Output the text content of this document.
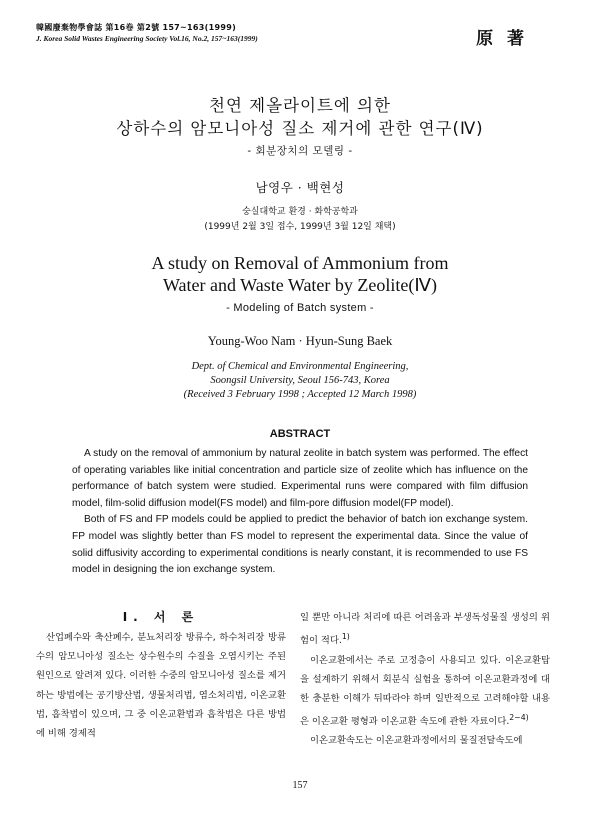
韓國廢棄物學會誌 第16卷 第2號 157~163(1999)
J. Korea Solid Wastes Engineering Society Vol.16, No.2, 157~163(1999)	原 著
천연 제올라이트에 의한
상하수의 암모니아성 질소 제거에 관한 연구(Ⅳ)
- 회분장치의 모델링 -
남영우 · 백현성
숭실대학교 환경 · 화학공학과
(1999년 2월 3일 접수, 1999년 3월 12일 채택)
A study on Removal of Ammonium from
Water and Waste Water by Zeolite(Ⅳ)
- Modeling of Batch system -
Young-Woo Nam · Hyun-Sung Baek
Dept. of Chemical and Environmental Engineering,
Soongsil University, Seoul 156-743, Korea
(Received 3 February 1998 ; Accepted 12 March 1998)
ABSTRACT

A study on the removal of ammonium by natural zeolite in batch system was performed. The effect of operating variables like initial concentration and particle size of zeolite which has influence on the performance of batch system were studied. Experimental runs were compared with film diffusion model, film-solid diffusion model(FS model) and film-pore diffusion model(FP model).

Both of FS and FP models could be applied to predict the behavior of batch ion exchange system. FP model was slightly better than FS model to represent the experimental data. Since the value of solid diffusivity according to experimental conditions is nearly constant, it is recommended to use FS model in designing the ion exchange system.

Ⅰ. 서 론

산업폐수와 축산폐수, 분뇨처리장 방류수, 하수처리장 방류수의 암모니아성 질소는 상수원수의 수질을 오염시키는 주된 원인으로 알려져 있다. 이러한 수중의 암모니아성 질소를 제거하는 방법에는 공기방산법, 생물처리법, 염소처리법, 이온교환법, 흡착법이 있으며, 그 중 이온교환법과 흡착법은 다른 방법에 비해 경제적

일 뿐만 아니라 처리에 따른 어려움과 부생독성물질 생성의 위험이 적다.$^{1)}$

이온교환에서는 주로 고정층이 사용되고 있다. 이온교환탑을 설계하기 위해서 회분식 실험을 통하여 이온교환과정에 대한 충분한 이해가 뒤따라야 하며 일반적으로 고려해야할 내용은 이온교환 평형과 이온교환 속도에 관한 자료이다.$^{2\sim 4)}$

이온교환속도는 이온교환과정에서의 물질전달속도에

157
